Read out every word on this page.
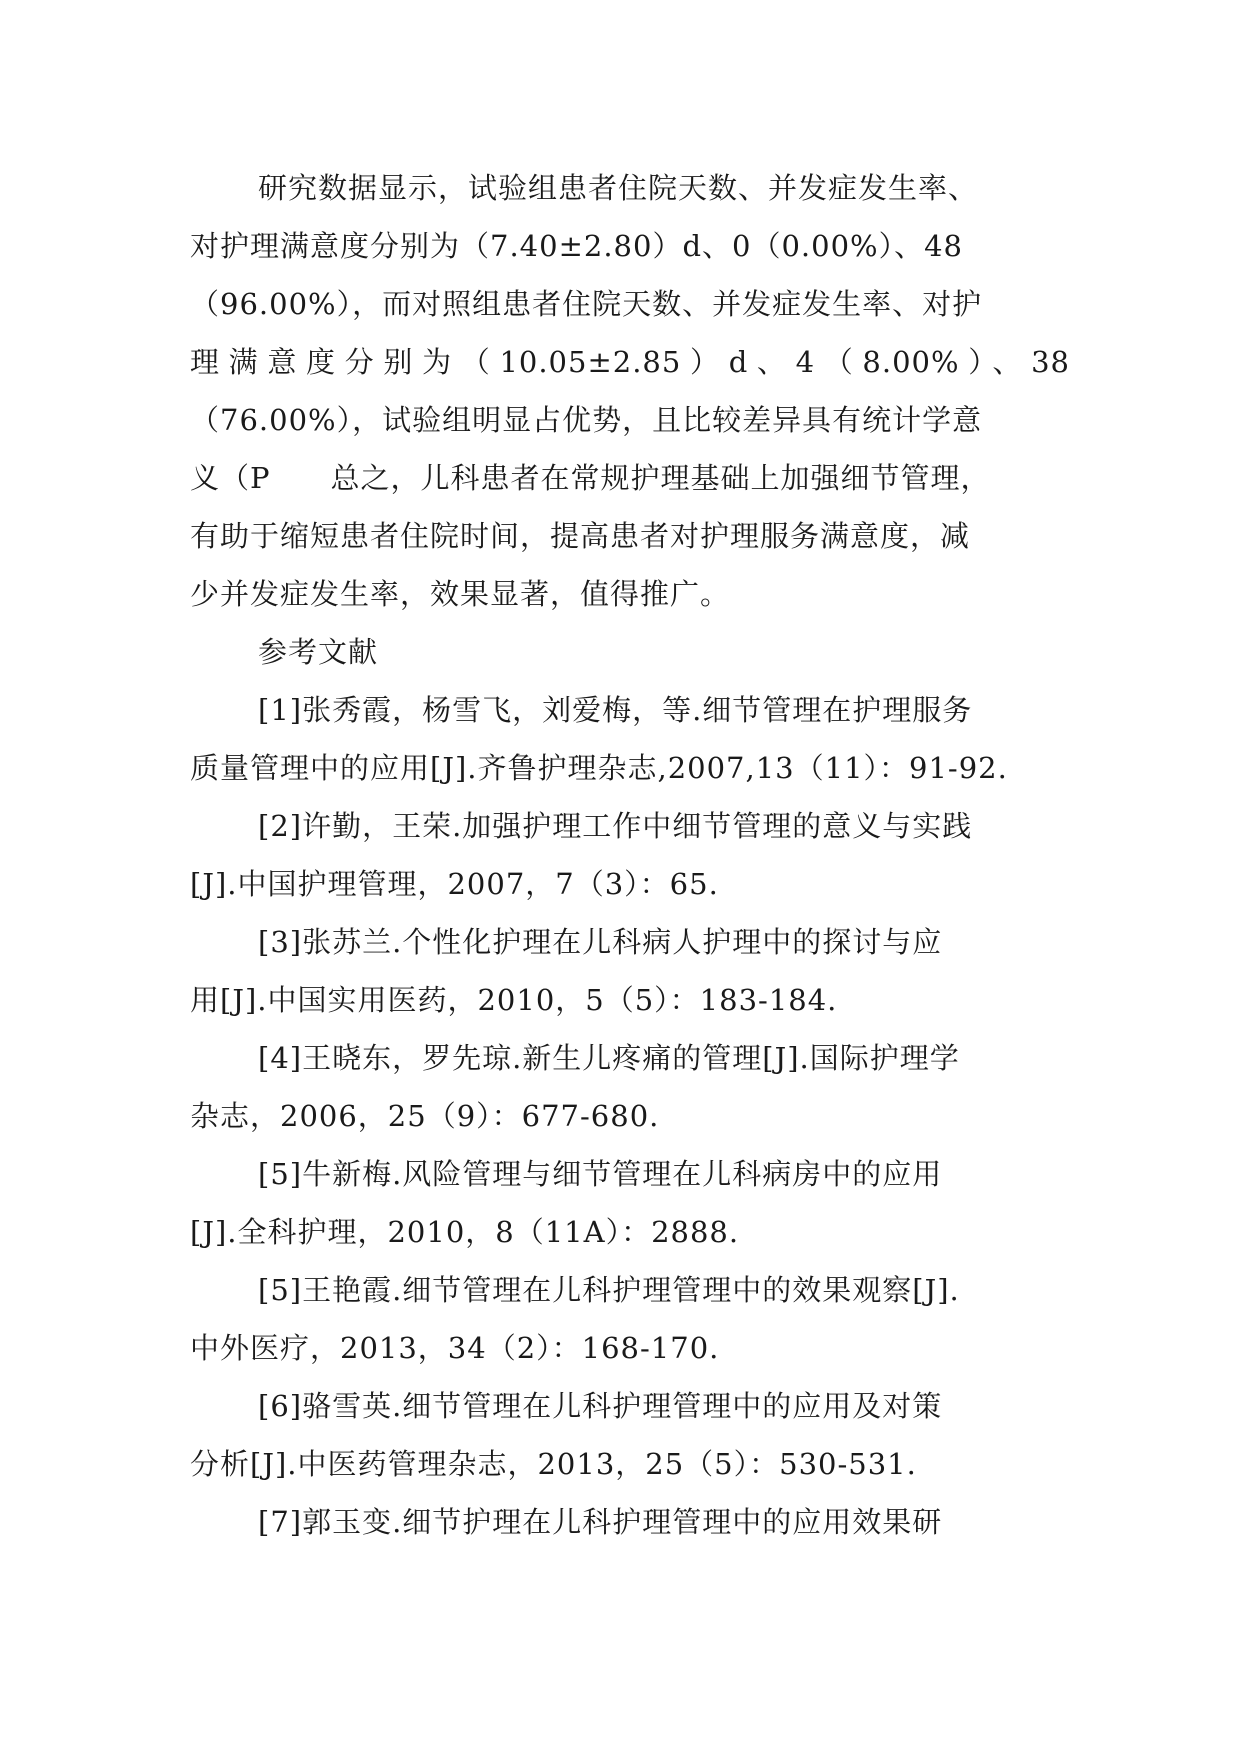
研究数据显示，试验组患者住院天数、并发症发生率、
对护理满意度分别为（7.40±2.80）d、0（0.00%）、48
（96.00%），而对照组患者住院天数、并发症发生率、对护
理满意度分别为（10.05±2.85）d、4（8.00%）、38
（76.00%），试验组明显占优势，且比较差异具有统计学意
义（P　　总之，儿科患者在常规护理基础上加强细节管理，
有助于缩短患者住院时间，提高患者对护理服务满意度，减
少并发症发生率，效果显著，值得推广。
参考文献
[1]张秀霞，杨雪飞，刘爱梅，等.细节管理在护理服务
质量管理中的应用[J].齐鲁护理杂志,2007,13（11）：91-92.
[2]许勤，王荣.加强护理工作中细节管理的意义与实践
[J].中国护理管理，2007，7（3）：65.
[3]张苏兰.个性化护理在儿科病人护理中的探讨与应
用[J].中国实用医药，2010，5（5）：183-184.
[4]王晓东，罗先琼.新生儿疼痛的管理[J].国际护理学
杂志，2006，25（9）：677-680.
[5]牛新梅.风险管理与细节管理在儿科病房中的应用
[J].全科护理，2010，8（11A）：2888.
[5]王艳霞.细节管理在儿科护理管理中的效果观察[J].
中外医疗，2013，34（2）：168-170.
[6]骆雪英.细节管理在儿科护理管理中的应用及对策
分析[J].中医药管理杂志，2013，25（5）：530-531.
[7]郭玉变.细节护理在儿科护理管理中的应用效果研
